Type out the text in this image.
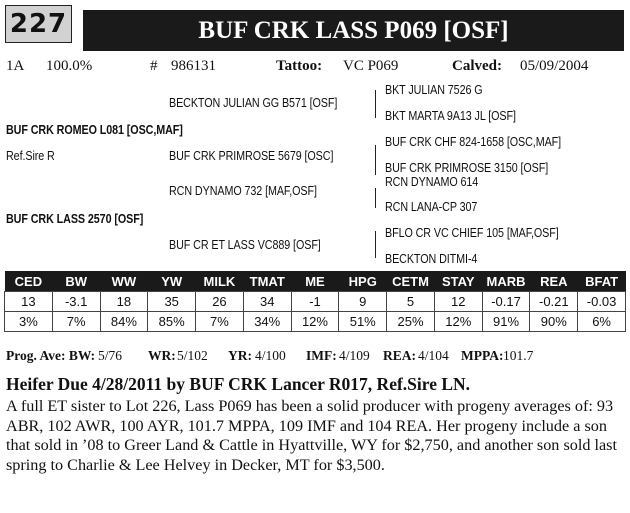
227	BUF CRK LASS P069 [OSF]
1A 100.0%	# 986131	Tattoo: VC P069	Calved: 05/09/2004
BECKTON JULIAN GG B571 [OSF]
BUF CRK ROMEO L081 [OSC,MAF]
Ref.Sire R	BUF CRK PRIMROSE 5679 [OSC]
RCN DYNAMO 732 [MAF,OSF]
BUF CRK LASS 2570 [OSF]
BUF CR ET LASS VC889 [OSF]
BKT JULIAN 7526 G
BKT MARTA 9A13 JL [OSF]
BUF CRK CHF 824-1658 [OSC,MAF]
BUF CRK PRIMROSE 3150 [OSF]
RCN DYNAMO 614
RCN LANA-CP 307
BFLO CR VC CHIEF 105 [MAF,OSF]
BECKTON DITMI-4
CED	BW	WW	YW	MILK	TMAT	ME	HPG	CETM	STAY	MARB	REA	BFAT
13	-3.1	18	35	26	34	-1	9	5	12	-0.17	-0.21	-0.03
3%	7%	84%	85%	7%	34%	12%	51%	25%	12%	91%	90%	6%
Prog. Ave: BW: 5/76 WR: 5/102 YR: 4/100 IMF: 4/109 REA: 4/104 MPPA: 101.7
Heifer Due 4/28/2011 by BUF CRK Lancer R017, Ref.Sire LN.
A full ET sister to Lot 226, Lass P069 has been a solid producer with progeny averages of: 93 ABR, 102 AWR, 100 AYR, 101.7 MPPA, 109 IMF and 104 REA. Her progeny include a son that sold in ’08 to Greer Land & Cattle in Hyattville, WY for $2,750, and another son sold last spring to Charlie & Lee Helvey in Decker, MT for $3,500.
